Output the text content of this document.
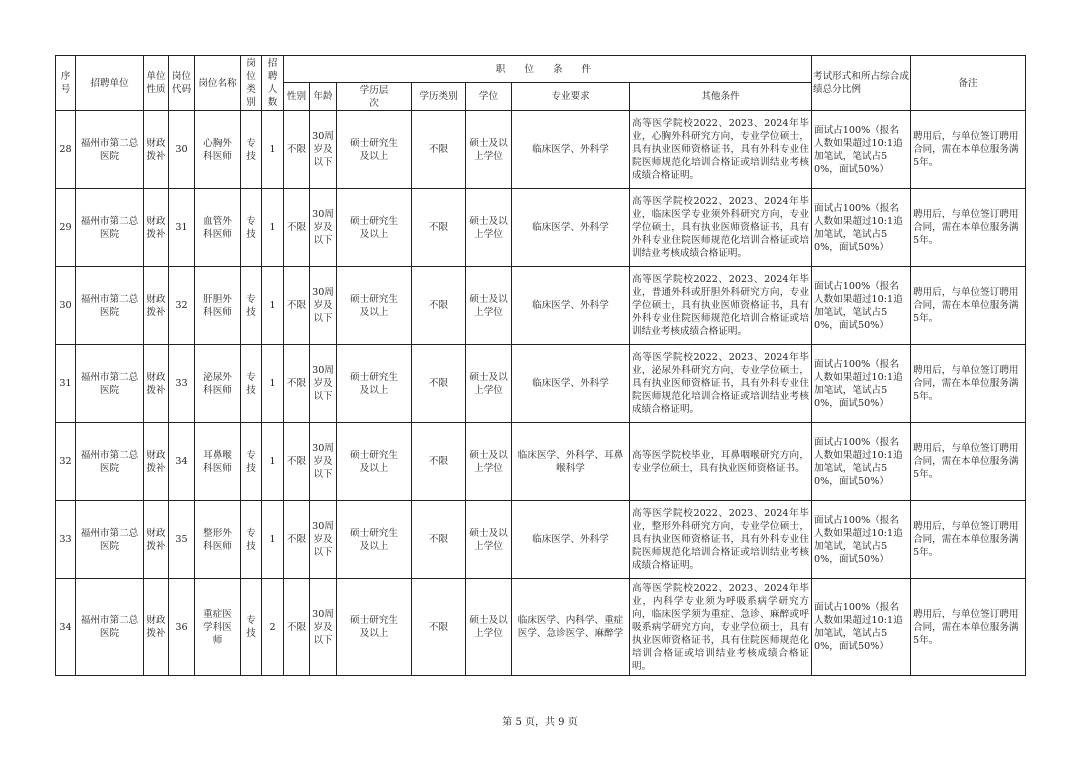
序号	招聘单位	单位性质	岗位代码	岗位名称	岗位类别	招聘人数	职 位 条 件							考试形式和所占综合成绩总分比例	备注
							性别	年龄	学历层次	学历类别	学位	专业要求	其他条件		
28	福州市第二总医院	财政拨补	30	心胸外科医师	专技	1	不限	30周岁及以下	硕士研究生及以上	不限	硕士及以上学位	临床医学、外科学	高等医学院校2022、2023、2024年毕业，心胸外科研究方向，专业学位硕士，具有执业医师资格证书，具有外科专业住院医师规范化培训合格证或培训结业考核成绩合格证明。	面试占100%（报名人数如果超过10:1追加笔试，笔试占50%，面试50%）	聘用后，与单位签订聘用合同，需在本单位服务满5年。
29	福州市第二总医院	财政拨补	31	血管外科医师	专技	1	不限	30周岁及以下	硕士研究生及以上	不限	硕士及以上学位	临床医学、外科学	高等医学院校2022、2023、2024年毕业，临床医学专业须外科研究方向，专业学位硕士，具有执业医师资格证书，具有外科专业住院医师规范化培训合格证或培训结业考核成绩合格证明。	面试占100%（报名人数如果超过10:1追加笔试，笔试占50%，面试50%）	聘用后，与单位签订聘用合同，需在本单位服务满5年。
30	福州市第二总医院	财政拨补	32	肝胆外科医师	专技	1	不限	30周岁及以下	硕士研究生及以上	不限	硕士及以上学位	临床医学、外科学	高等医学院校2022、2023、2024年毕业，普通外科或肝胆外科研究方向，专业学位硕士，具有执业医师资格证书，具有外科专业住院医师规范化培训合格证或培训结业考核成绩合格证明。	面试占100%（报名人数如果超过10:1追加笔试，笔试占50%，面试50%）	聘用后，与单位签订聘用合同，需在本单位服务满5年。
31	福州市第二总医院	财政拨补	33	泌尿外科医师	专技	1	不限	30周岁及以下	硕士研究生及以上	不限	硕士及以上学位	临床医学、外科学	高等医学院校2022、2023、2024年毕业，泌尿外科研究方向，专业学位硕士，具有执业医师资格证书，具有外科专业住院医师规范化培训合格证或培训结业考核成绩合格证明。	面试占100%（报名人数如果超过10:1追加笔试，笔试占50%，面试50%）	聘用后，与单位签订聘用合同，需在本单位服务满5年。
32	福州市第二总医院	财政拨补	34	耳鼻喉科医师	专技	1	不限	30周岁及以下	硕士研究生及以上	不限	硕士及以上学位	临床医学、外科学、耳鼻喉科学	高等医学院校毕业，耳鼻咽喉研究方向，专业学位硕士，具有执业医师资格证书。	面试占100%（报名人数如果超过10:1追加笔试，笔试占50%，面试50%）	聘用后，与单位签订聘用合同，需在本单位服务满5年。
33	福州市第二总医院	财政拨补	35	整形外科医师	专技	1	不限	30周岁及以下	硕士研究生及以上	不限	硕士及以上学位	临床医学、外科学	高等医学院校2022、2023、2024年毕业，整形外科研究方向，专业学位硕士，具有执业医师资格证书，具有外科专业住院医师规范化培训合格证或培训结业考核成绩合格证明。	面试占100%（报名人数如果超过10:1追加笔试，笔试占50%，面试50%）	聘用后，与单位签订聘用合同，需在本单位服务满5年。
34	福州市第二总医院	财政拨补	36	重症医学科医师	专技	2	不限	30周岁及以下	硕士研究生及以上	不限	硕士及以上学位	临床医学、内科学、重症医学、急诊医学、麻醉学	高等医学院校2022、2023、2024年毕业，内科学专业须为呼吸系病学研究方向，临床医学须为重症、急诊、麻醉或呼吸系病学研究方向，专业学位硕士，具有执业医师资格证书，具有住院医师规范化培训合格证或培训结业考核成绩合格证明。	面试占100%（报名人数如果超过10:1追加笔试，笔试占50%，面试50%）	聘用后，与单位签订聘用合同，需在本单位服务满5年。
第 5 页，共 9 页
